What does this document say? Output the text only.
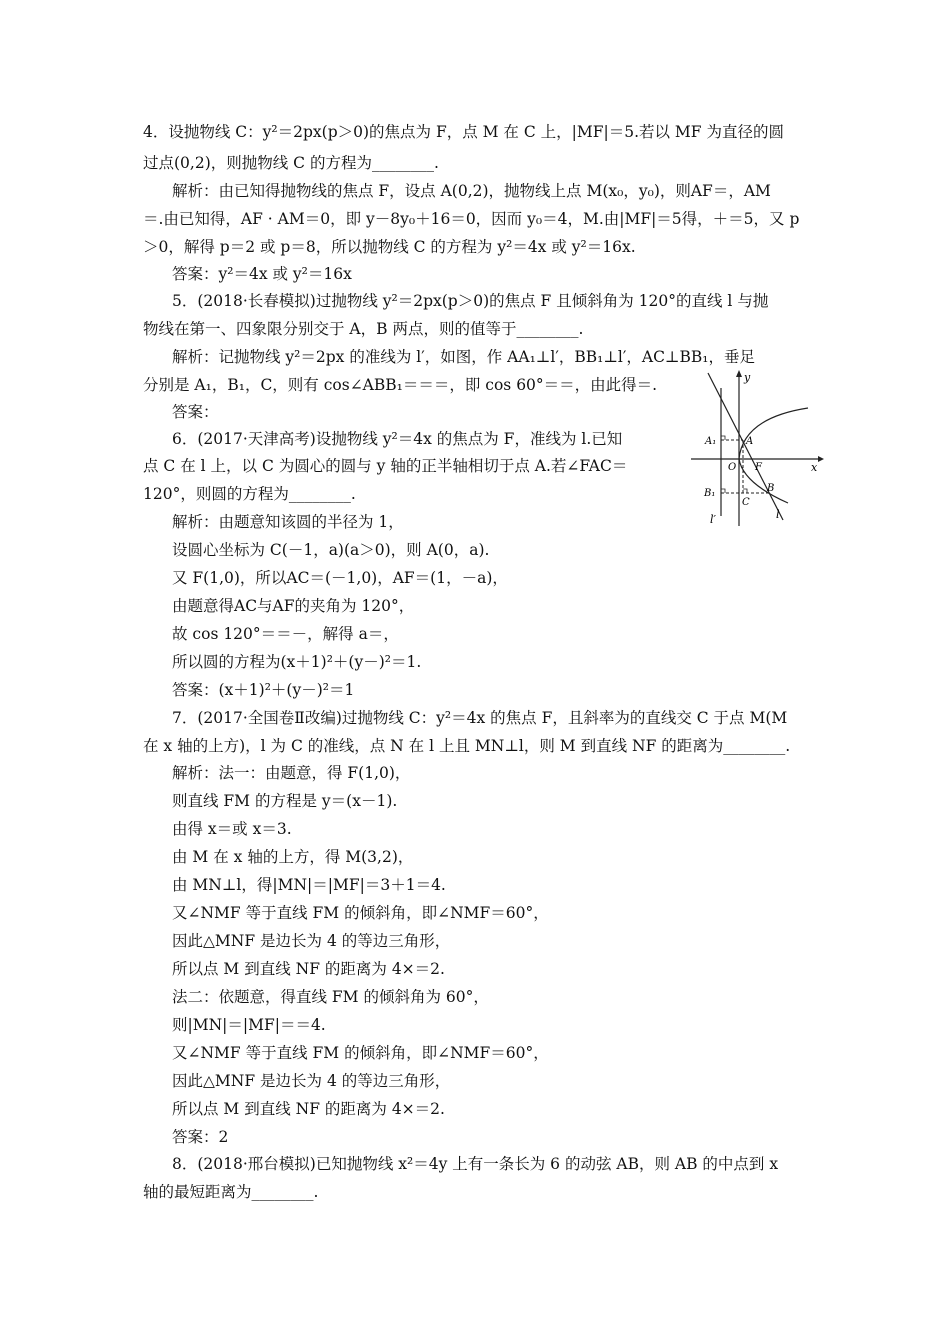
4．设抛物线 C：y²＝2px(p＞0)的焦点为 F，点 M 在 C 上，|MF|＝5.若以 MF 为直径的圆
过点(0,2)，则抛物线 C 的方程为________.
解析：由已知得抛物线的焦点 F，设点 A(0,2)，抛物线上点 M(x₀，y₀)，则AF＝，AM
＝.由已知得，AF · AM＝0，即 y－8y₀＋16＝0，因而 y₀＝4，M.由|MF|＝5得，＋＝5，又 p
＞0，解得 p＝2 或 p＝8，所以抛物线 C 的方程为 y²＝4x 或 y²＝16x.
答案：y²＝4x 或 y²＝16x
5．(2018·长春模拟)过抛物线 y²＝2px(p＞0)的焦点 F 且倾斜角为 120°的直线 l 与抛
物线在第一、四象限分别交于 A，B 两点，则的值等于________.
解析：记抛物线 y²＝2px 的准线为 l′，如图，作 AA₁⊥l′，BB₁⊥l′，AC⊥BB₁，垂足
分别是 A₁，B₁，C，则有 cos∠ABB₁＝＝＝，即 cos 60°＝＝，由此得＝.
答案：
6．(2017·天津高考)设抛物线 y²＝4x 的焦点为 F，准线为 l.已知
点 C 在 l 上，以 C 为圆心的圆与 y 轴的正半轴相切于点 A.若∠FAC＝
120°，则圆的方程为________.
解析：由题意知该圆的半径为 1，
设圆心坐标为 C(－1，a)(a＞0)，则 A(0，a).
又 F(1,0)，所以AC＝(－1,0)，AF＝(1，－a)，
由题意得AC与AF的夹角为 120°，
故 cos 120°＝＝－，解得 a＝，
所以圆的方程为(x＋1)²＋(y－)²＝1.
答案：(x＋1)²＋(y－)²＝1
7．(2017·全国卷Ⅱ改编)过抛物线 C：y²＝4x 的焦点 F，且斜率为的直线交 C 于点 M(M
在 x 轴的上方)，l 为 C 的准线，点 N 在 l 上且 MN⊥l，则 M 到直线 NF 的距离为________.
解析：法一：由题意，得 F(1,0)，
则直线 FM 的方程是 y＝(x－1).
由得 x＝或 x＝3.
由 M 在 x 轴的上方，得 M(3,2)，
由 MN⊥l，得|MN|＝|MF|＝3＋1＝4.
又∠NMF 等于直线 FM 的倾斜角，即∠NMF＝60°，
因此△MNF 是边长为 4 的等边三角形，
所以点 M 到直线 NF 的距离为 4×＝2.
法二：依题意，得直线 FM 的倾斜角为 60°，
则|MN|＝|MF|＝＝4.
又∠NMF 等于直线 FM 的倾斜角，即∠NMF＝60°，
因此△MNF 是边长为 4 的等边三角形，
所以点 M 到直线 NF 的距离为 4×＝2.
答案：2
8．(2018·邢台模拟)已知抛物线 x²＝4y 上有一条长为 6 的动弦 AB，则 AB 的中点到 x
轴的最短距离为________.
y
x
A₁	A
O F
B₁	B
C
l′	l
